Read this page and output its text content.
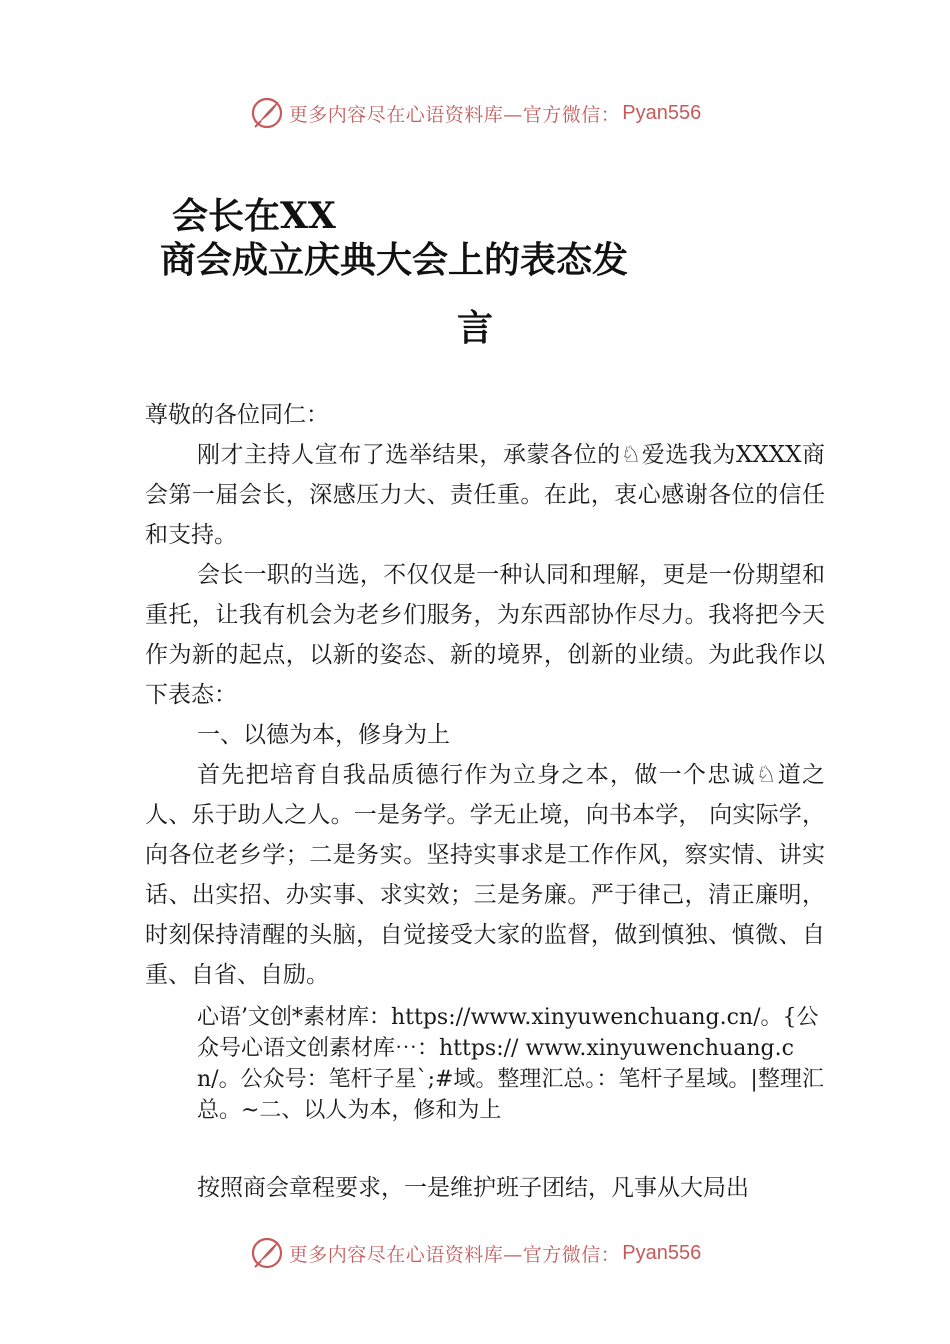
更多内容尽在心语资料库—官方微信： Pyan556
会长在XX
商会成立庆典大会上的表态发
言

尊敬的各位同仁：

刚才主持人宣布了选举结果，承蒙各位的♘爱选我为XXXX商会第一届会长，深感压力大、责任重。在此，衷心感谢各位的信任和支持。

会长一职的当选，不仅仅是一种认同和理解，更是一份期望和重托，让我有机会为老乡们服务，为东西部协作尽力。我将把今天作为新的起点，以新的姿态、新的境界，创新的业绩。为此我作以下表态：

一、以德为本，修身为上

首先把培育自我品质德行作为立身之本，做一个忠诚♘道之人、乐于助人之人。一是务学。学无止境，向书本学， 向实际学，向各位老乡学；二是务实。坚持实事求是工作作风，察实情、讲实话、出实招、办实事、求实效；三是务廉。严于律己，清正廉明，时刻保持清醒的头脑，自觉接受大家的监督，做到慎独、慎微、自重、自省、自励。

心语’文创*素材库：https://www.xinyuwenchuang.cn/。{公众号心语文创素材库⋯：https:// www.xinyuwenchuang.cn/。公众号：笔杆子星`;#域。整理汇总。：笔杆子星域。|整理汇总。~二、以人为本，修和为上
按照商会章程要求，一是维护班子团结，凡事从大局出
更多内容尽在心语资料库—官方微信： Pyan556
